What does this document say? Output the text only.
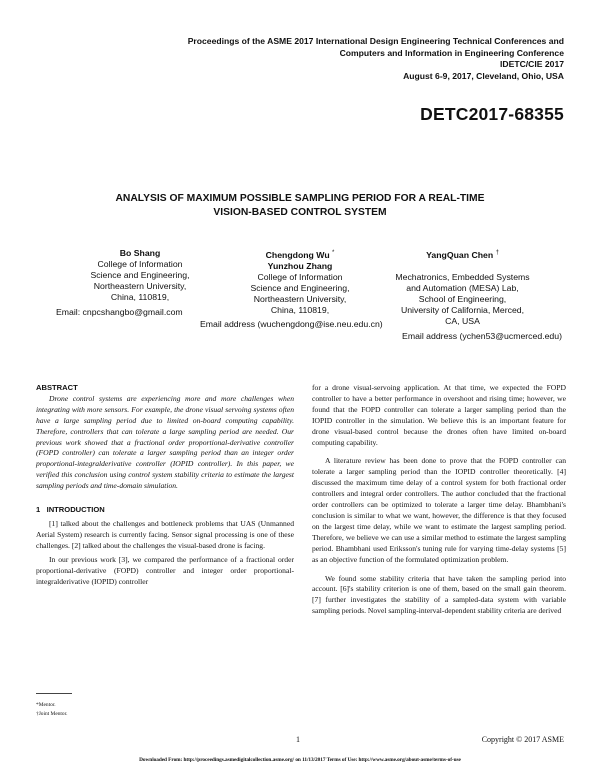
Proceedings of the ASME 2017 International Design Engineering Technical Conferences and
Computers and Information in Engineering Conference
IDETC/CIE 2017
August 6-9, 2017, Cleveland, Ohio, USA
DETC2017-68355
ANALYSIS OF MAXIMUM POSSIBLE SAMPLING PERIOD FOR A REAL-TIME
VISION-BASED CONTROL SYSTEM
Bo Shang
College of Information
Science and Engineering,
Northeastern University,
China, 110819,
Chengdong Wu *
Yunzhou Zhang
College of Information
Science and Engineering,
Northeastern University,
China, 110819,
YangQuan Chen †
Mechatronics, Embedded Systems
and Automation (MESA) Lab,
School of Engineering,
University of California, Merced,
CA, USA
Email: cnpcshangbo@gmail.com
Email address (wuchengdong@ise.neu.edu.cn)
Email address (ychen53@ucmerced.edu)
ABSTRACT

Drone control systems are experiencing more and more challenges when integrating with more sensors. For example, the drone visual servoing systems often have a large sampling period due to limited on-board computing capability. Therefore, controllers that can tolerate a large sampling period are needed. Our previous work showed that a fractional order proportional-derivative controller (FOPD controller) can tolerate a larger sampling period than an integer order proportional-integralderivative controller (IOPID controller). In this paper, we verified this conclusion using control system stability criteria to estimate the largest sampling periods and time-domain simulation.

1 INTRODUCTION

[1] talked about the challenges and bottleneck problems that UAS (Unmanned Aerial System) research is currently facing. Sensor signal processing is one of these challenges. [2] talked about the challenges the visual-based drone is facing.

In our previous work [3], we compared the performance of a fractional order proportional-derivative (FOPD) controller and integer order proportional-integralderivative (IOPID) controller

for a drone visual-servoing application. At that time, we expected the FOPD controller to have a better performance in overshoot and rising time; however, we found that the FOPD controller can tolerate a larger sampling period than the IOPID controller in the simulation. We believe this is an important feature for drone visual-based control because the drones often have limited on-board computing capability.

A literature review has been done to prove that the FOPD controller can tolerate a larger sampling period than the IOPID controller theoretically. [4] discussed the maximum time delay of a control system for both fractional order controllers and integral order controllers. The author concluded that the fractional order controllers can be optimized to tolerate a larger time delay. Bhambhani's conclusion is similar to what we want, however, the difference is that they focused on the largest time delay, while we want to estimate the largest sampling period. Therefore, we believe we can use a similar method to estimate the largest sampling period. Bhambhani used Eriksson's tuning rule for varying time-delay systems [5] as an objective function of the formulated optimization problem.

We found some stability criteria that have taken the sampling period into account. [6]'s stability criterion is one of them, based on the small gain theorem. [7] further investigates the stability of a sampled-data system with variable sampling periods. Novel sampling-interval-dependent stability criteria are derived

*Mentor.
†Joint Mentor.
1	Copyright © 2017 ASME
Downloaded From: http://proceedings.asmedigitalcollection.asme.org/ on 11/13/2017 Terms of Use: http://www.asme.org/about-asme/terms-of-use
